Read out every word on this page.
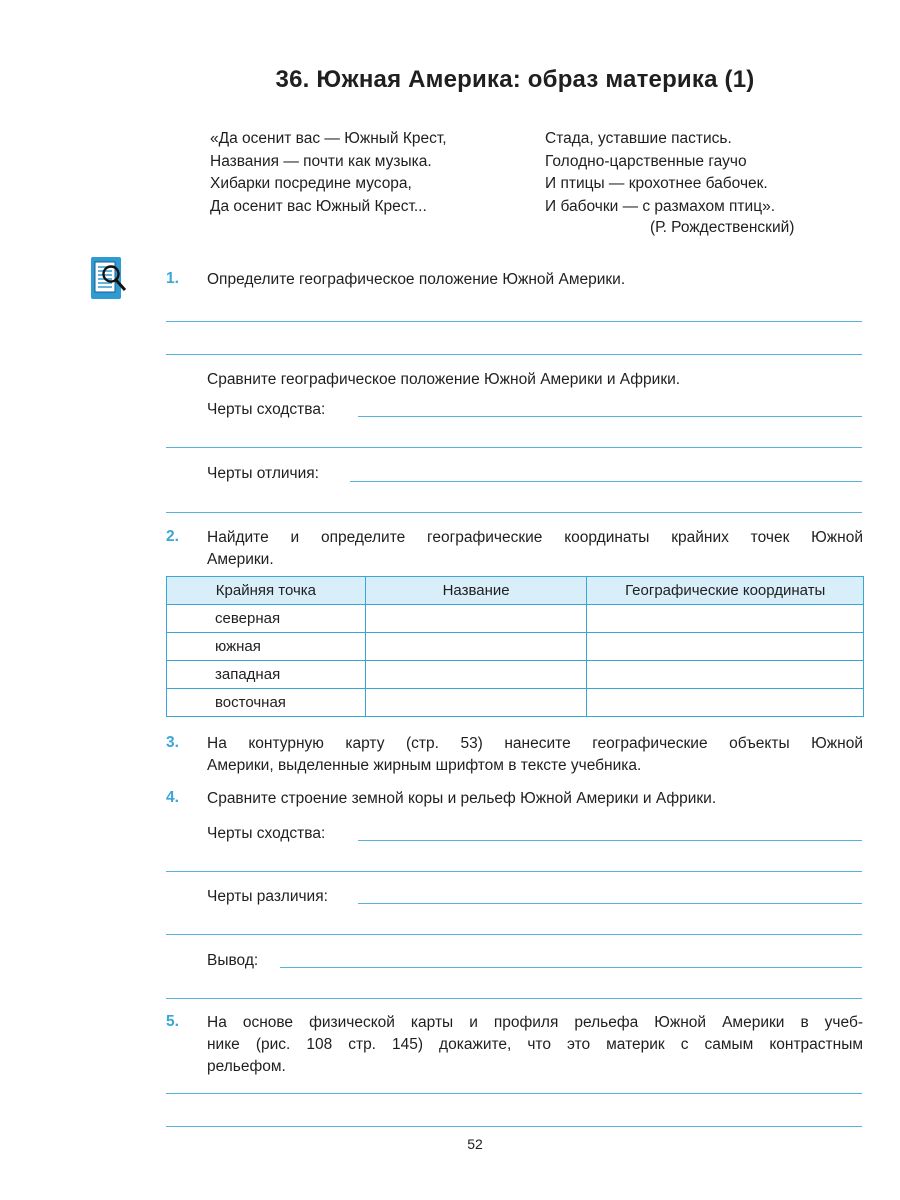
36. Южная Америка: образ материка (1)
«Да осенит вас — Южный Крест,
Названия — почти как музыка.
Хибарки посредине мусора,
Да осенит вас Южный Крест...
Стада, уставшие пастись.
Голодно-царственные гаучо
И птицы — крохотнее бабочек.
И бабочки — с размахом птиц».
(Р. Рождественский)
1. Определите географическое положение Южной Америки.
Сравните географическое положение Южной Америки и Африки.
Черты сходства:
Черты отличия:
2. Найдите и определите географические координаты крайних точек Южной
Америки.
Крайняя точка	Название	Географические координаты
северная		
южная		
западная		
восточная		
3. На контурную карту (стр. 53) нанесите географические объекты Южной
Америки, выделенные жирным шрифтом в тексте учебника.
4. Сравните строение земной коры и рельеф Южной Америки и Африки.
Черты сходства:
Черты различия:
Вывод:
5. На основе физической карты и профиля рельефа Южной Америки в учеб-
нике (рис. 108 стр. 145) докажите, что это материк с самым контрастным
рельефом.
52
